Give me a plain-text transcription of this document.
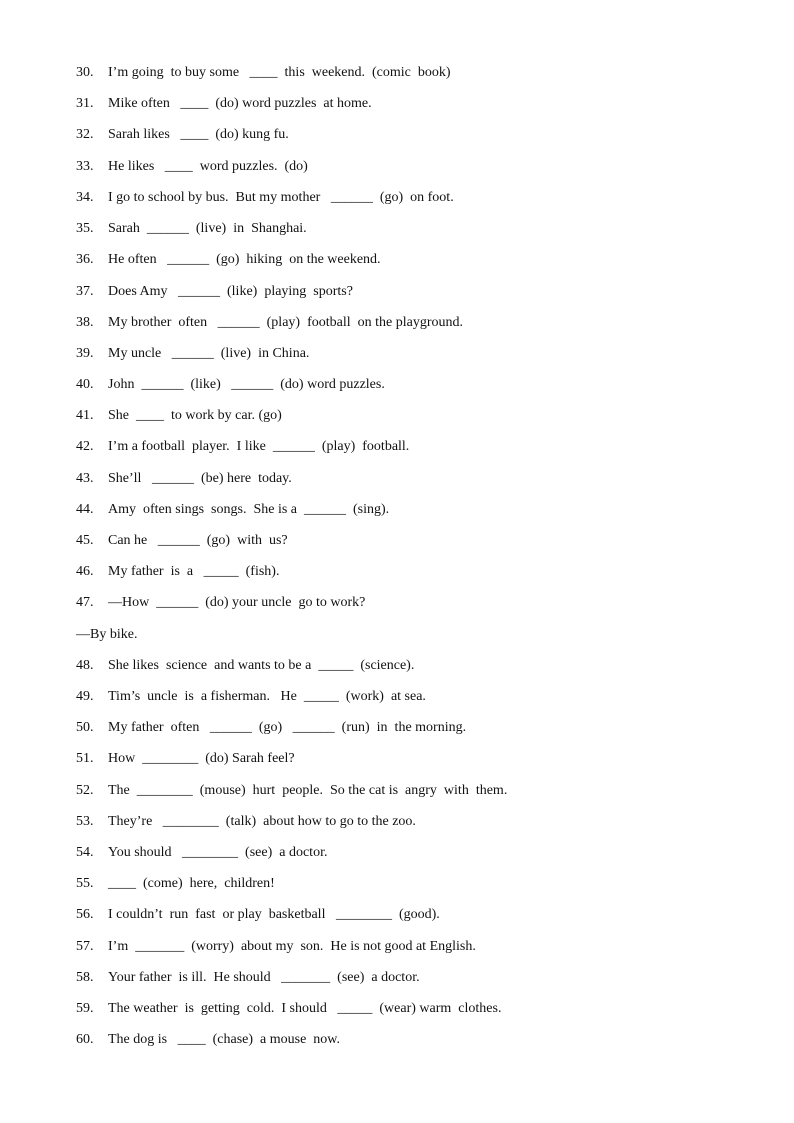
30. I’m going  to buy some   ____  this  weekend.  (comic  book)
31. Mike often   ____  (do) word puzzles  at home.
32. Sarah likes   ____  (do) kung fu.
33. He likes   ____  word puzzles.  (do)
34. I go to school by bus.  But my mother   ______  (go)  on foot.
35. Sarah  ______  (live)  in  Shanghai.
36. He often   ______  (go)  hiking  on the weekend.
37. Does Amy   ______  (like)  playing  sports?
38. My brother  often   ______  (play)  football  on the playground.
39. My uncle   ______  (live)  in China.
40. John  ______  (like)   ______  (do) word puzzles.
41. She  ____  to work by car. (go)
42. I’m a football  player.  I like  ______  (play)  football.
43. She’ll   ______  (be) here  today.
44. Amy  often sings  songs.  She is a  ______  (sing).
45. Can he   ______  (go)  with  us?
46. My father  is  a   _____  (fish).
47. —How  ______  (do) your uncle  go to work?
—By bike.
48. She likes  science  and wants to be a  _____  (science).
49. Tim’s  uncle  is  a fisherman.   He  _____  (work)  at sea.
50. My father  often   ______  (go)   ______  (run)  in  the morning.
51. How  ________  (do) Sarah feel?
52. The  ________  (mouse)  hurt  people.  So the cat is  angry  with  them.
53. They’re   ________  (talk)  about how to go to the zoo.
54. You should   ________  (see)  a doctor.
55. ____  (come)  here,  children!
56. I couldn’t  run  fast  or play  basketball   ________  (good).
57. I’m  _______  (worry)  about my  son.  He is not good at English.
58. Your father  is ill.  He should   _______  (see)  a doctor.
59. The weather  is  getting  cold.  I should   _____  (wear) warm  clothes.
60. The dog is   ____  (chase)  a mouse  now.
